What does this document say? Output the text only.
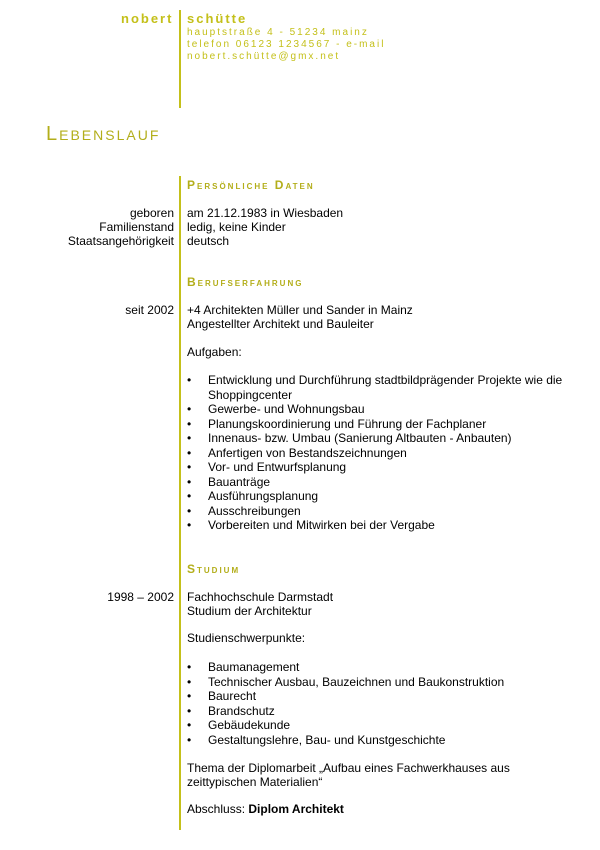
nobert schütte
hauptstraße 4 - 51234 mainz
telefon 06123 1234567 - e-mail
nobert.schütte@gmx.net
Lebenslauf
Persönliche Daten
geboren am 21.12.1983 in Wiesbaden
Familienstand ledig, keine Kinder
Staatsangehörigkeit deutsch
Berufserfahrung
seit 2002 +4 Architekten Müller und Sander in Mainz
Angestellter Architekt und Bauleiter
Aufgaben:
• Entwicklung und Durchführung stadtbildprägender Projekte wie die
Shoppingcenter
• Gewerbe- und Wohnungsbau
• Planungskoordinierung und Führung der Fachplaner
• Innenaus- bzw. Umbau (Sanierung Altbauten - Anbauten)
• Anfertigen von Bestandszeichnungen
• Vor- und Entwurfsplanung
• Bauanträge
• Ausführungsplanung
• Ausschreibungen
• Vorbereiten und Mitwirken bei der Vergabe
Studium
1998 – 2002 Fachhochschule Darmstadt
Studium der Architektur
Studienschwerpunkte:
• Baumanagement
• Technischer Ausbau, Bauzeichnen und Baukonstruktion
• Baurecht
• Brandschutz
• Gebäudekunde
• Gestaltungslehre, Bau- und Kunstgeschichte
Thema der Diplomarbeit „Aufbau eines Fachwerkhauses aus
zeittypischen Materialien“
Abschluss: Diplom Architekt
